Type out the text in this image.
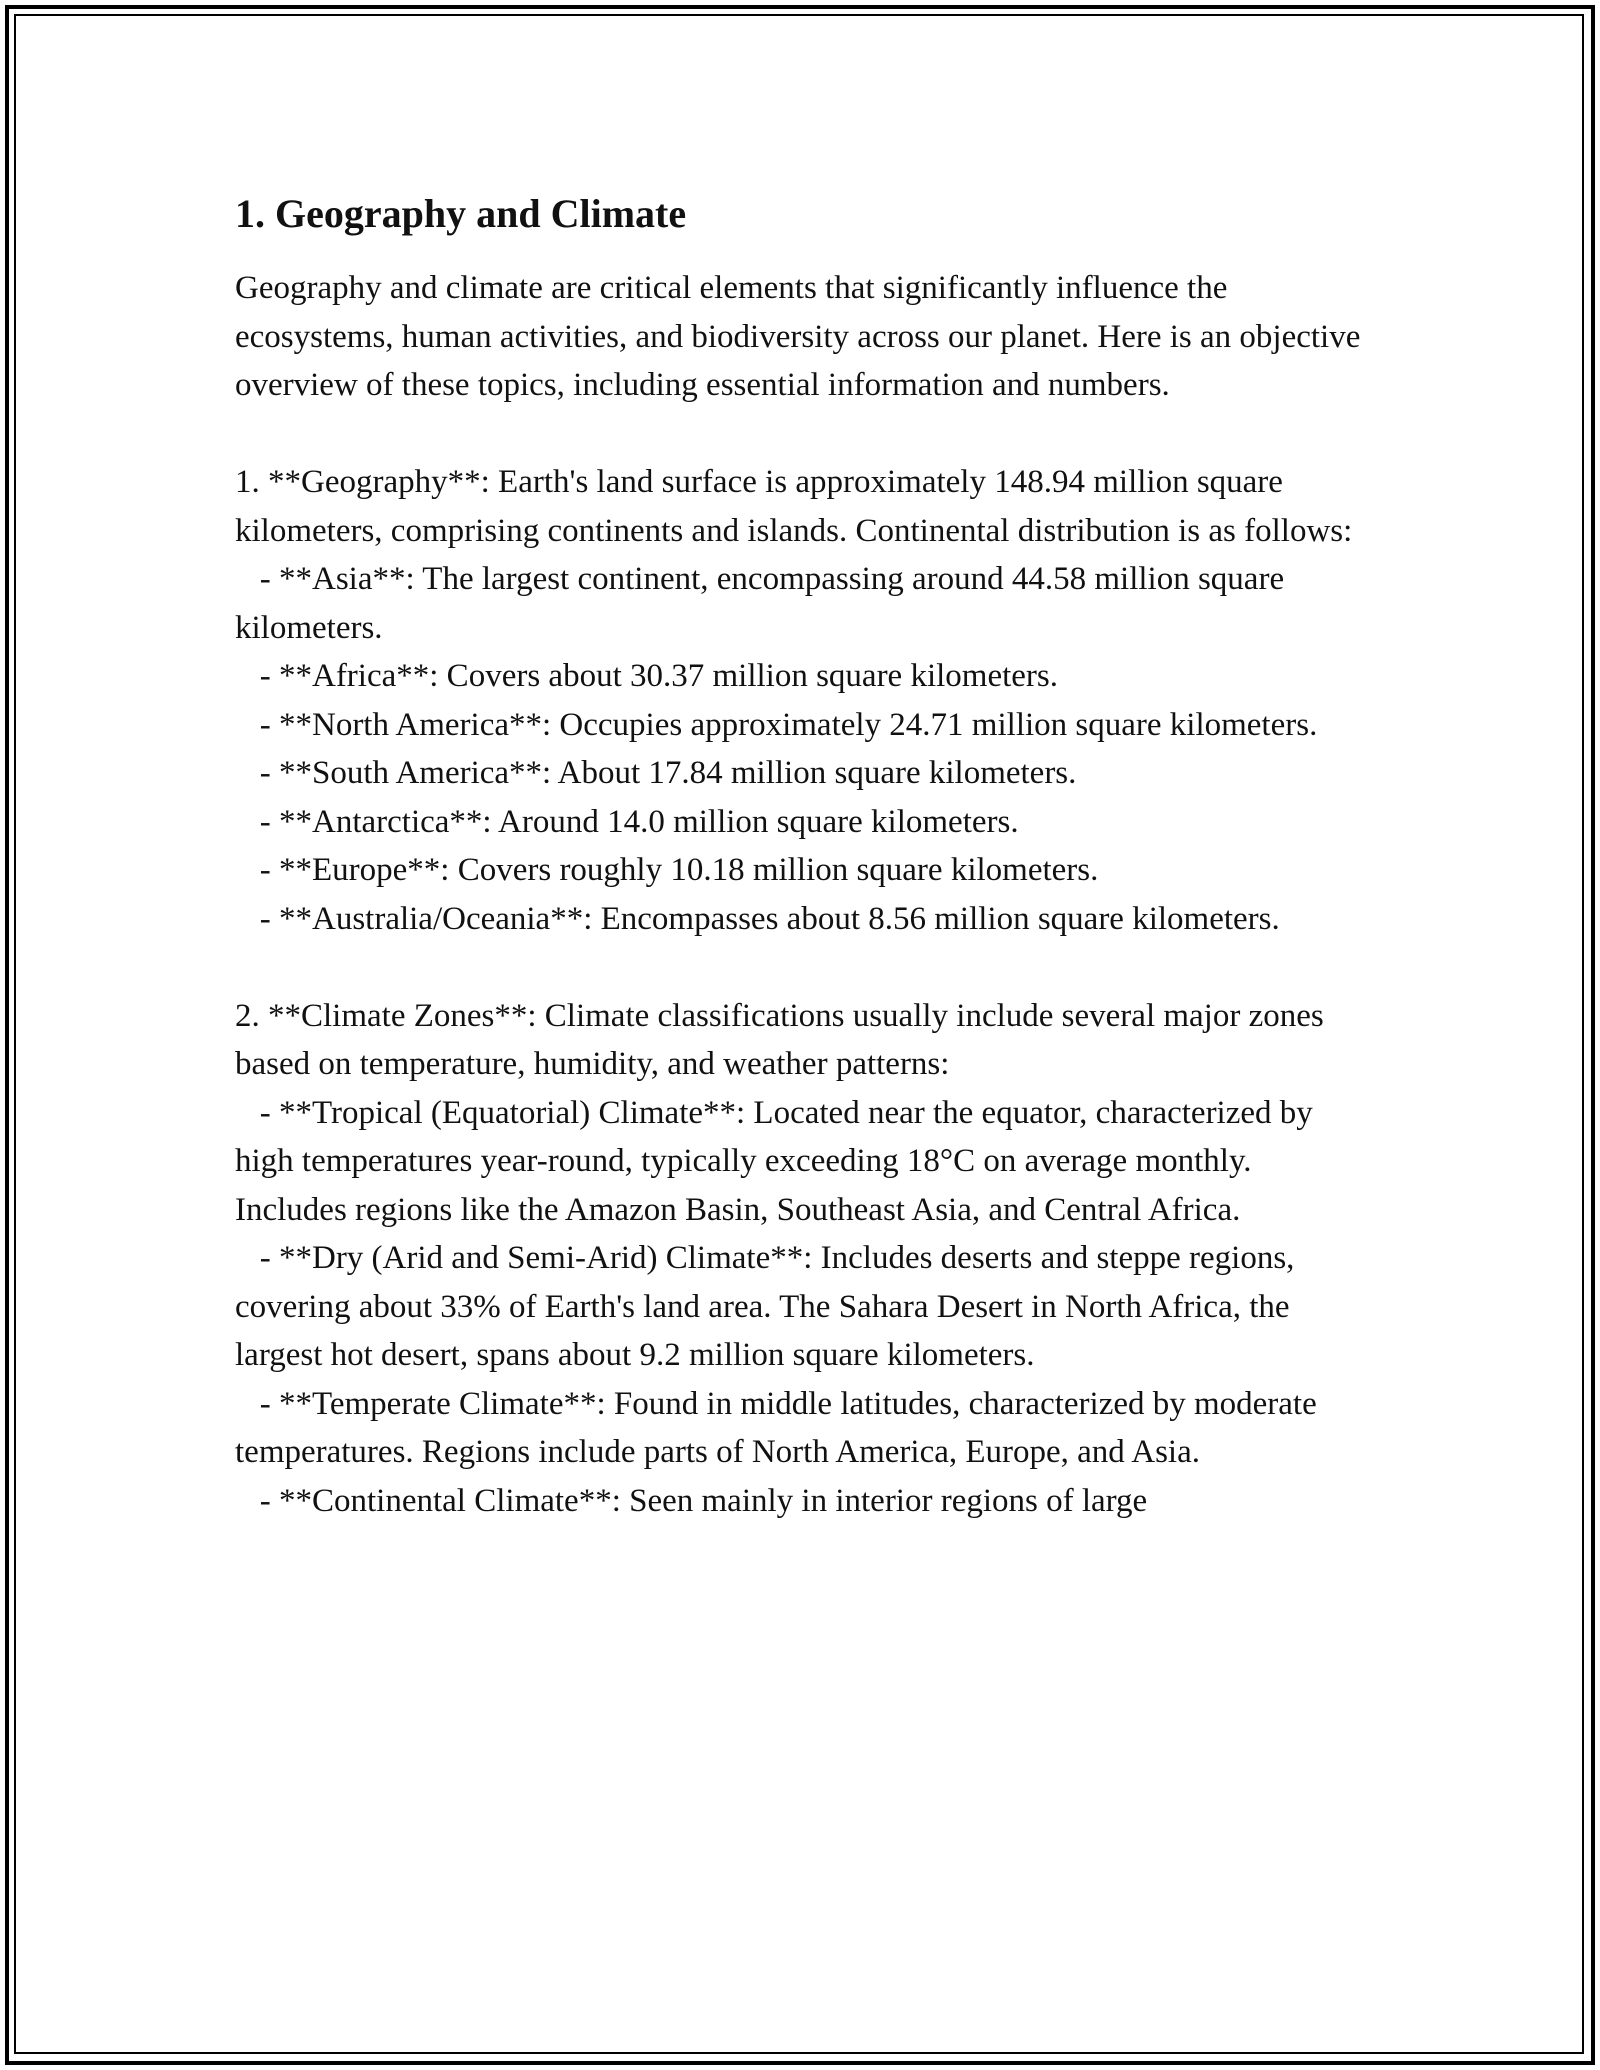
1. Geography and Climate

Geography and climate are critical elements that significantly influence the ecosystems, human activities, and biodiversity across our planet. Here is an objective overview of these topics, including essential information and numbers.

1. **Geography**: Earth's land surface is approximately 148.94 million square kilometers, comprising continents and islands. Continental distribution is as follows:
- **Asia**: The largest continent, encompassing around 44.58 million square kilometers.
- **Africa**: Covers about 30.37 million square kilometers.
- **North America**: Occupies approximately 24.71 million square kilometers.
- **South America**: About 17.84 million square kilometers.
- **Antarctica**: Around 14.0 million square kilometers.
- **Europe**: Covers roughly 10.18 million square kilometers.
- **Australia/Oceania**: Encompasses about 8.56 million square kilometers.

2. **Climate Zones**: Climate classifications usually include several major zones based on temperature, humidity, and weather patterns:
- **Tropical (Equatorial) Climate**: Located near the equator, characterized by high temperatures year-round, typically exceeding 18°C on average monthly. Includes regions like the Amazon Basin, Southeast Asia, and Central Africa.
- **Dry (Arid and Semi-Arid) Climate**: Includes deserts and steppe regions, covering about 33% of Earth's land area. The Sahara Desert in North Africa, the largest hot desert, spans about 9.2 million square kilometers.
- **Temperate Climate**: Found in middle latitudes, characterized by moderate temperatures. Regions include parts of North America, Europe, and Asia.
- **Continental Climate**: Seen mainly in interior regions of large
